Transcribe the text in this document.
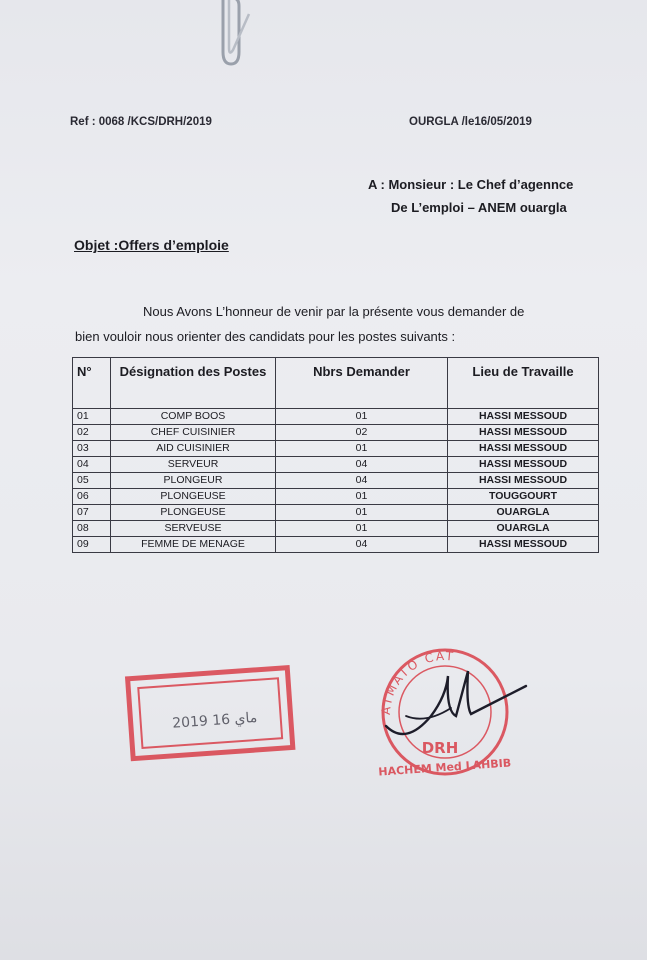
Ref : 0068 /KCS/DRH/2019	OURGLA /le16/05/2019
A : Monsieur : Le Chef d’agennce
De L’emploi – ANEM ouargla
Objet :Offers d’emploie
Nous Avons L’honneur de venir par la présente vous demander de
bien vouloir nous orienter des candidats pour les postes suivants :
N°	Désignation des Postes	Nbrs Demander	Lieu de Travaille
01	COMP BOOS	01	HASSI MESSOUD
02	CHEF CUISINIER	02	HASSI MESSOUD
03	AID CUISINIER	01	HASSI MESSOUD
04	SERVEUR	04	HASSI MESSOUD
05	PLONGEUR	04	HASSI MESSOUD
06	PLONGEUSE	01	TOUGGOURT
07	PLONGEUSE	01	OUARGLA
08	SERVEUSE	01	OUARGLA
09	FEMME DE MENAGE	04	HASSI MESSOUD
2019 ماي 16	ATMATO CAT
DRH
HACHEM Med LAHBIB
